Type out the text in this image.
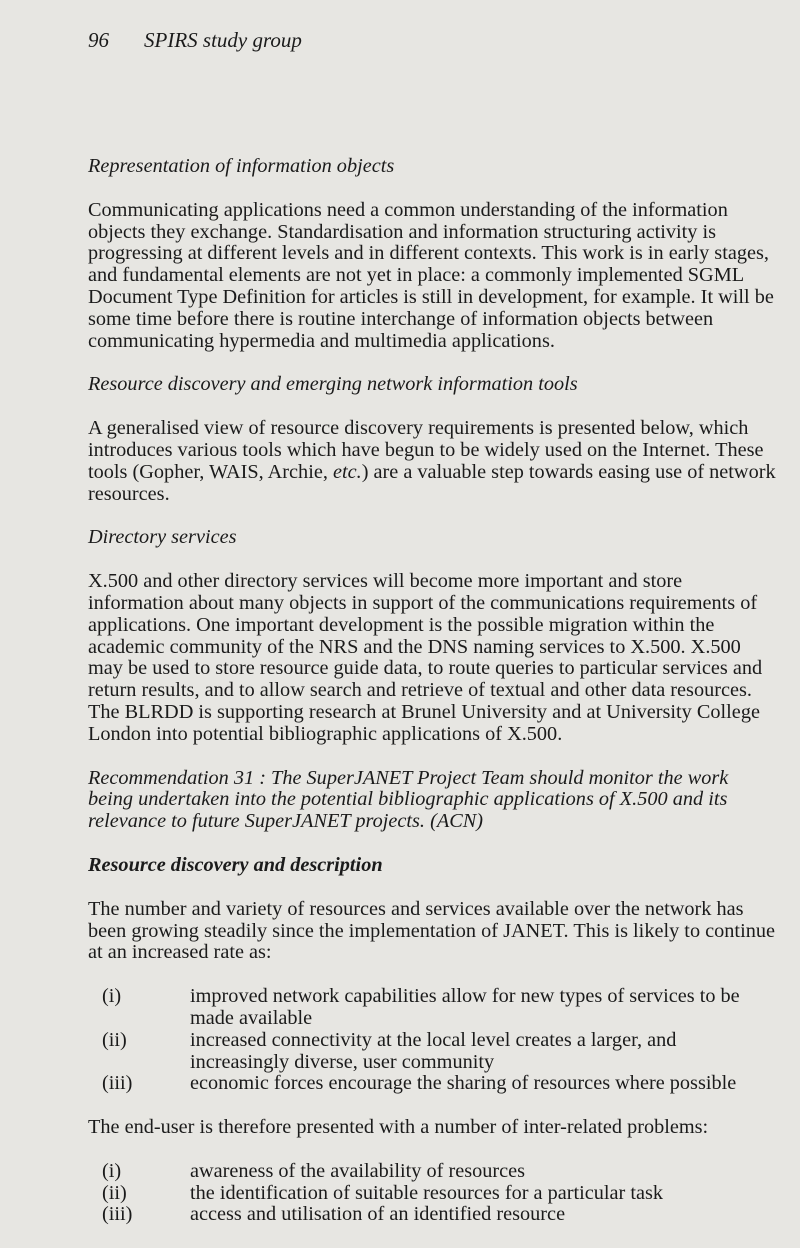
96 SPIRS study group
Representation of information objects

Communicating applications need a common understanding of the information objects they exchange. Standardisation and information structuring activity is progressing at different levels and in different contexts. This work is in early stages, and fundamental elements are not yet in place: a commonly implemented SGML Document Type Definition for articles is still in development, for example. It will be some time before there is routine interchange of information objects between communicating hypermedia and multimedia applications.

Resource discovery and emerging network information tools

A generalised view of resource discovery requirements is presented below, which introduces various tools which have begun to be widely used on the Internet. These tools (Gopher, WAIS, Archie, etc.) are a valuable step towards easing use of network resources.

Directory services

X.500 and other directory services will become more important and store information about many objects in support of the communications requirements of applications. One important development is the possible migration within the academic community of the NRS and the DNS naming services to X.500. X.500 may be used to store resource guide data, to route queries to particular services and return results, and to allow search and retrieve of textual and other data resources. The BLRDD is supporting research at Brunel University and at University College London into potential bibliographic applications of X.500.

Recommendation 31 : The SuperJANET Project Team should monitor the work being undertaken into the potential bibliographic applications of X.500 and its relevance to future SuperJANET projects. (ACN)

Resource discovery and description

The number and variety of resources and services available over the network has been growing steadily since the implementation of JANET. This is likely to continue at an increased rate as:

(i)	improved network capabilities allow for new types of services to be made available
(ii)	increased connectivity at the local level creates a larger, and increasingly diverse, user community
(iii)	economic forces encourage the sharing of resources where possible

The end-user is therefore presented with a number of inter-related problems:

(i)	awareness of the availability of resources
(ii)	the identification of suitable resources for a particular task
(iii)	access and utilisation of an identified resource
